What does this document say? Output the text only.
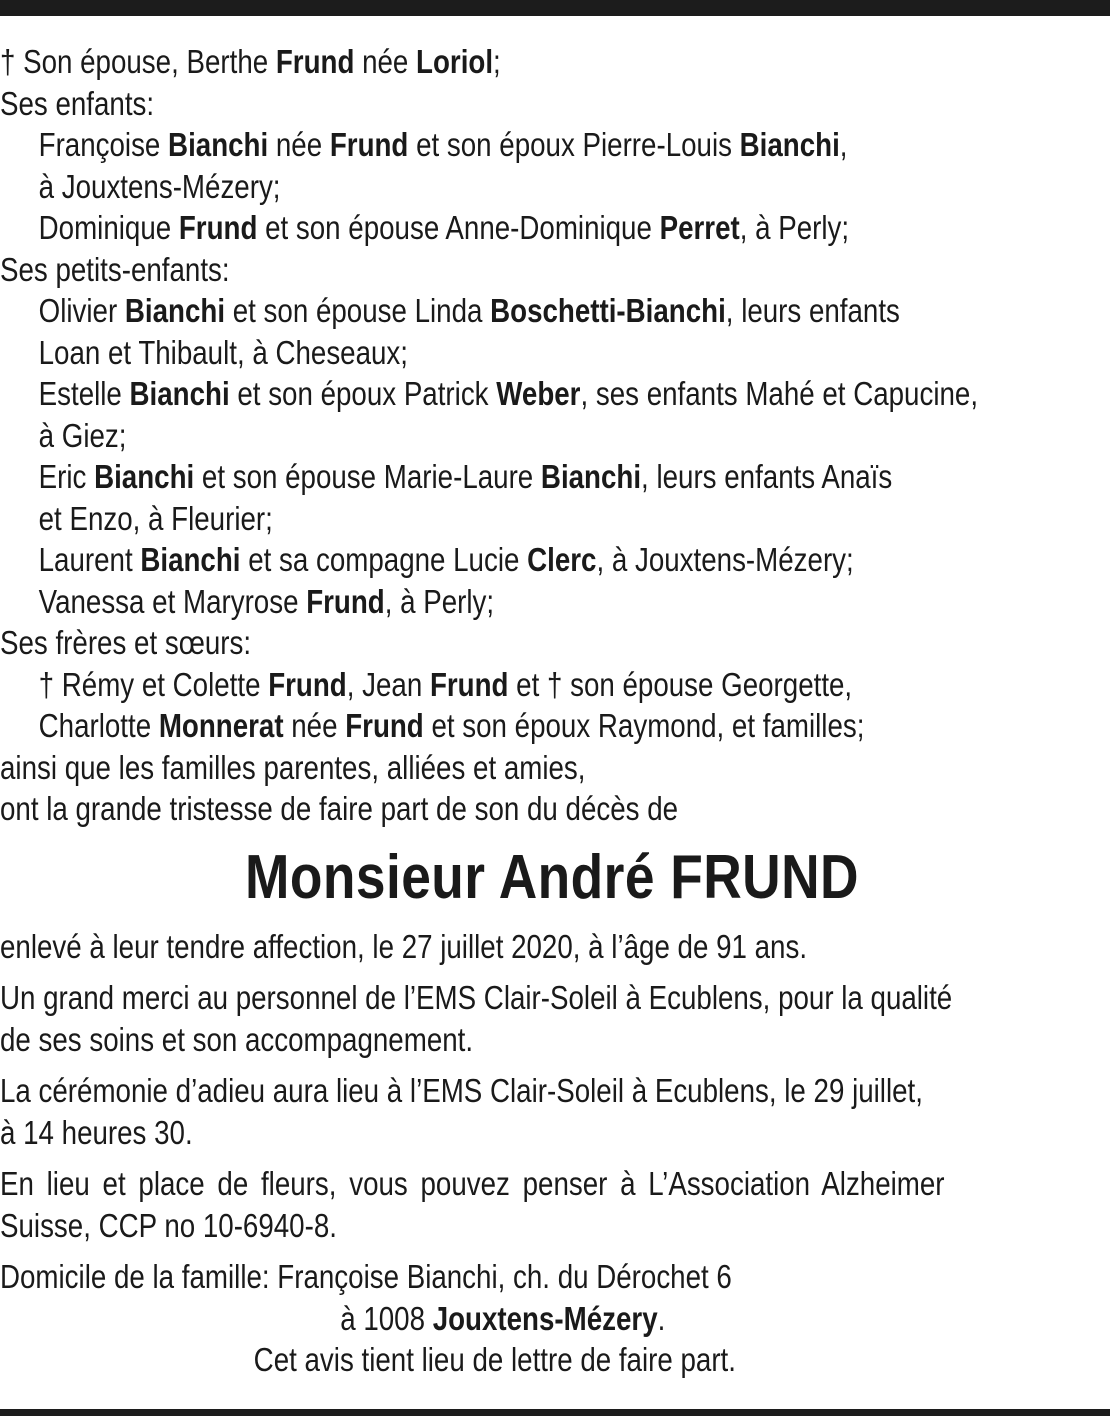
† Son épouse, Berthe Frund née Loriol;
Ses enfants:
Françoise Bianchi née Frund et son époux Pierre-Louis Bianchi,
à Jouxtens-Mézery;
Dominique Frund et son épouse Anne-Dominique Perret, à Perly;
Ses petits-enfants:
Olivier Bianchi et son épouse Linda Boschetti-Bianchi, leurs enfants
Loan et Thibault, à Cheseaux;
Estelle Bianchi et son époux Patrick Weber, ses enfants Mahé et Capucine,
à Giez;
Eric Bianchi et son épouse Marie-Laure Bianchi, leurs enfants Anaïs
et Enzo, à Fleurier;
Laurent Bianchi et sa compagne Lucie Clerc, à Jouxtens-Mézery;
Vanessa et Maryrose Frund, à Perly;
Ses frères et sœurs:
† Rémy et Colette Frund, Jean Frund et † son épouse Georgette,
Charlotte Monnerat née Frund et son époux Raymond, et familles;
ainsi que les familles parentes, alliées et amies,
ont la grande tristesse de faire part de son du décès de
Monsieur André FRUND
enlevé à leur tendre affection, le 27 juillet 2020, à l’âge de 91 ans.
Un grand merci au personnel de l’EMS Clair-Soleil à Ecublens, pour la qualité
de ses soins et son accompagnement.
La cérémonie d’adieu aura lieu à l’EMS Clair-Soleil à Ecublens, le 29 juillet,
à 14 heures 30.
En lieu et place de fleurs, vous pouvez penser à L’Association Alzheimer
Suisse, CCP no 10-6940-8.
Domicile de la famille: Françoise Bianchi, ch. du Dérochet 6
à 1008 Jouxtens-Mézery.
Cet avis tient lieu de lettre de faire part.
